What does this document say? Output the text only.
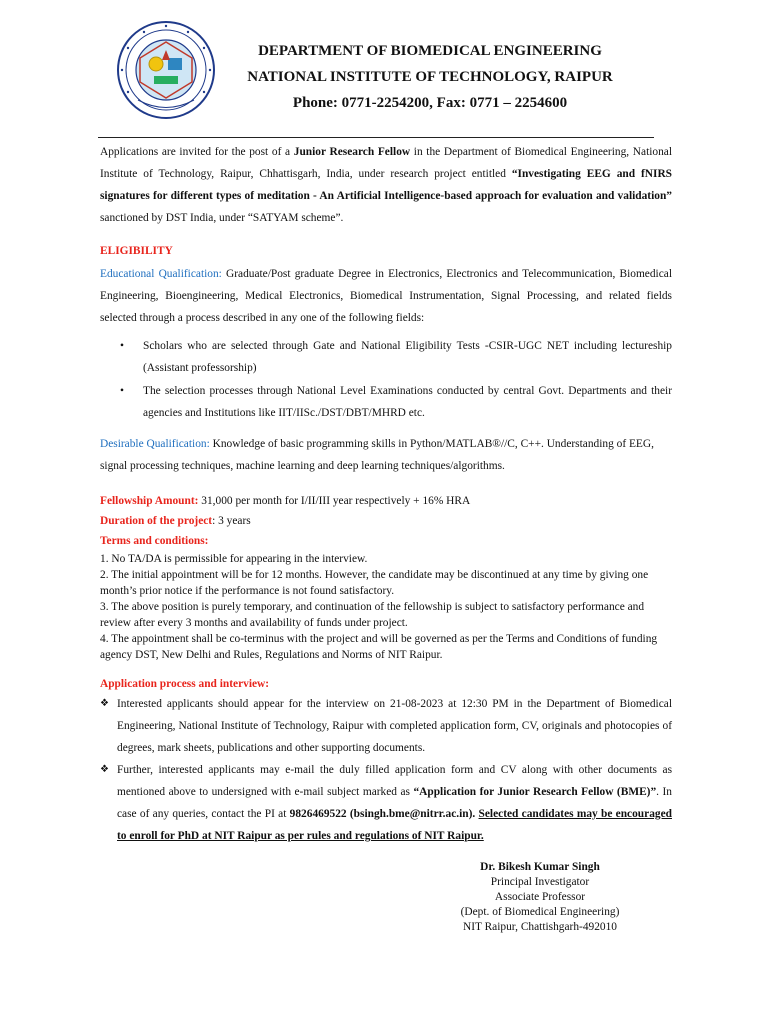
DEPARTMENT OF BIOMEDICAL ENGINEERING
NATIONAL INSTITUTE OF TECHNOLOGY, RAIPUR
Phone: 0771-2254200, Fax: 0771 – 2254600

Applications are invited for the post of a Junior Research Fellow in the Department of Biomedical Engineering, National Institute of Technology, Raipur, Chhattisgarh, India, under research project entitled “Investigating EEG and fNIRS signatures for different types of meditation - An Artificial Intelligence-based approach for evaluation and validation” sanctioned by DST India, under “SATYAM scheme”.

ELIGIBILITY

Educational Qualification: Graduate/Post graduate Degree in Electronics, Electronics and Telecommunication, Biomedical Engineering, Bioengineering, Medical Electronics, Biomedical Instrumentation, Signal Processing, and related fields selected through a process described in any one of the following fields:

• Scholars who are selected through Gate and National Eligibility Tests -CSIR-UGC NET including lectureship (Assistant professorship)
• The selection processes through National Level Examinations conducted by central Govt. Departments and their agencies and Institutions like IIT/IISc./DST/DBT/MHRD etc.

Desirable Qualification: Knowledge of basic programming skills in Python/MATLAB®//C, C++. Understanding of EEG, signal processing techniques, machine learning and deep learning techniques/algorithms.

Fellowship Amount: 31,000 per month for I/II/III year respectively + 16% HRA
Duration of the project: 3 years
Terms and conditions:
1. No TA/DA is permissible for appearing in the interview.
2. The initial appointment will be for 12 months. However, the candidate may be discontinued at any time by giving one month’s prior notice if the performance is not found satisfactory.
3. The above position is purely temporary, and continuation of the fellowship is subject to satisfactory performance and review after every 3 months and availability of funds under project.
4. The appointment shall be co-terminus with the project and will be governed as per the Terms and Conditions of funding agency DST, New Delhi and Rules, Regulations and Norms of NIT Raipur.
Application process and interview:
❖ Interested applicants should appear for the interview on 21-08-2023 at 12:30 PM in the Department of Biomedical Engineering, National Institute of Technology, Raipur with completed application form, CV, originals and photocopies of degrees, mark sheets, publications and other supporting documents.
❖ Further, interested applicants may e-mail the duly filled application form and CV along with other documents as mentioned above to undersigned with e-mail subject marked as “Application for Junior Research Fellow (BME)”. In case of any queries, contact the PI at 9826469522 (bsingh.bme@nitrr.ac.in). Selected candidates may be encouraged to enroll for PhD at NIT Raipur as per rules and regulations of NIT Raipur.
Dr. Bikesh Kumar Singh
Principal Investigator
Associate Professor
(Dept. of Biomedical Engineering)
NIT Raipur, Chattishgarh-492010
